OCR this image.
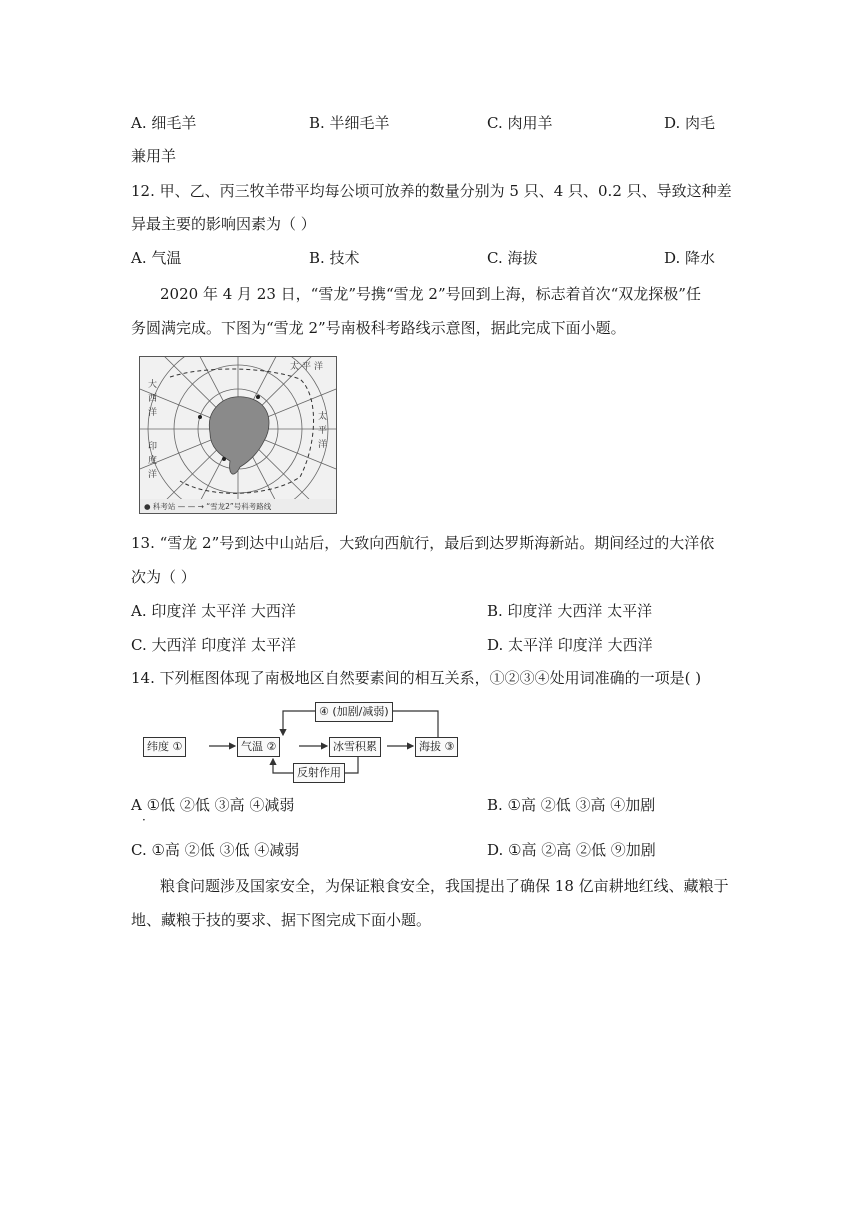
A. 细毛羊	B. 半细毛羊	C. 肉用羊	D. 肉毛
兼用羊
12. 甲、乙、丙三牧羊带平均每公顷可放养的数量分别为 5 只、4 只、0.2 只、导致这种差
异最主要的影响因素为（ ）
A. 气温	B. 技术	C. 海拔	D. 降水
2020 年 4 月 23 日，“雪龙”号携“雪龙 2”号回到上海，标志着首次“双龙探极”任
务圆满完成。下图为“雪龙 2”号南极科考路线示意图，据此完成下面小题。
大
西
洋	太
平
洋
印
度
洋
太 平 洋
● 科考站 — — → “雪龙2”号科考路线
13. “雪龙 2”号到达中山站后，大致向西航行，最后到达罗斯海新站。期间经过的大洋依
次为（ ）
A. 印度洋 太平洋 大西洋	B. 印度洋 大西洋 太平洋
C. 大西洋 印度洋 太平洋	D. 太平洋 印度洋 大西洋
14. 下列框图体现了南极地区自然要素间的相互关系，①②③④处用词准确的一项是( )
④ (加剧/减弱)
纬度 ①	气温 ②	冰雪积累	海拔 ③
反射作用
A ①低 ②低 ③高 ④减弱
·
B. ①高 ②低 ③高 ④加剧
C. ①高 ②低 ③低 ④减弱	D. ①高 ②高 ②低 ⑨加剧
粮食问题涉及国家安全，为保证粮食安全，我国提出了确保 18 亿亩耕地红线、藏粮于
地、藏粮于技的要求、据下图完成下面小题。
